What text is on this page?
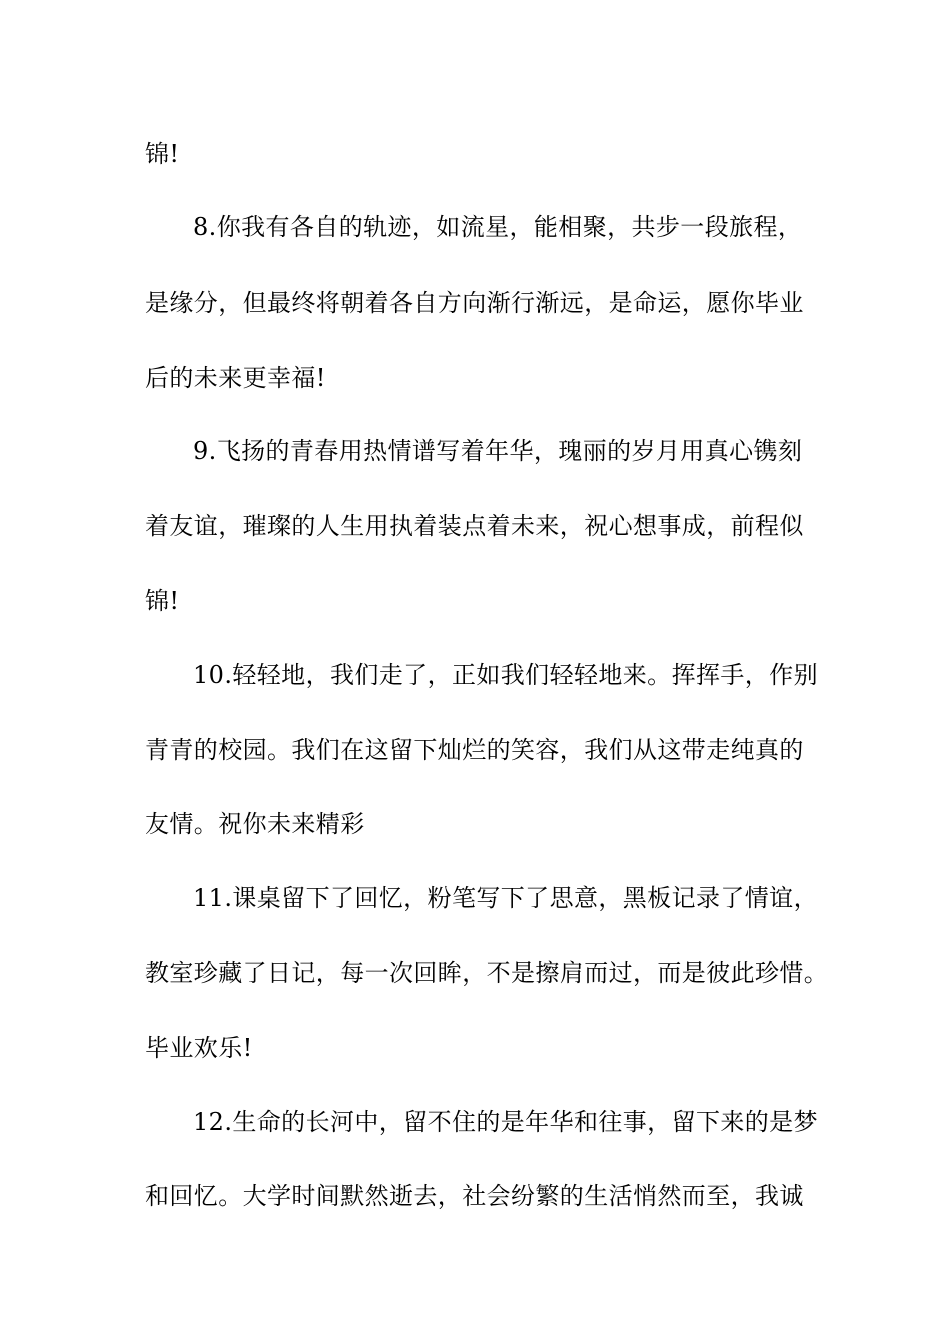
锦!
8.你我有各自的轨迹，如流星，能相聚，共步一段旅程，
是缘分，但最终将朝着各自方向渐行渐远，是命运，愿你毕业
后的未来更幸福!
9.飞扬的青春用热情谱写着年华，瑰丽的岁月用真心镌刻
着友谊，璀璨的人生用执着装点着未来，祝心想事成，前程似
锦!
10.轻轻地，我们走了，正如我们轻轻地来。挥挥手，作别
青青的校园。我们在这留下灿烂的笑容，我们从这带走纯真的
友情。祝你未来精彩
11.课桌留下了回忆，粉笔写下了思意，黑板记录了情谊，
教室珍藏了日记，每一次回眸，不是擦肩而过，而是彼此珍惜。
毕业欢乐!
12.生命的长河中，留不住的是年华和往事，留下来的是梦
和回忆。大学时间默然逝去，社会纷繁的生活悄然而至，我诚
